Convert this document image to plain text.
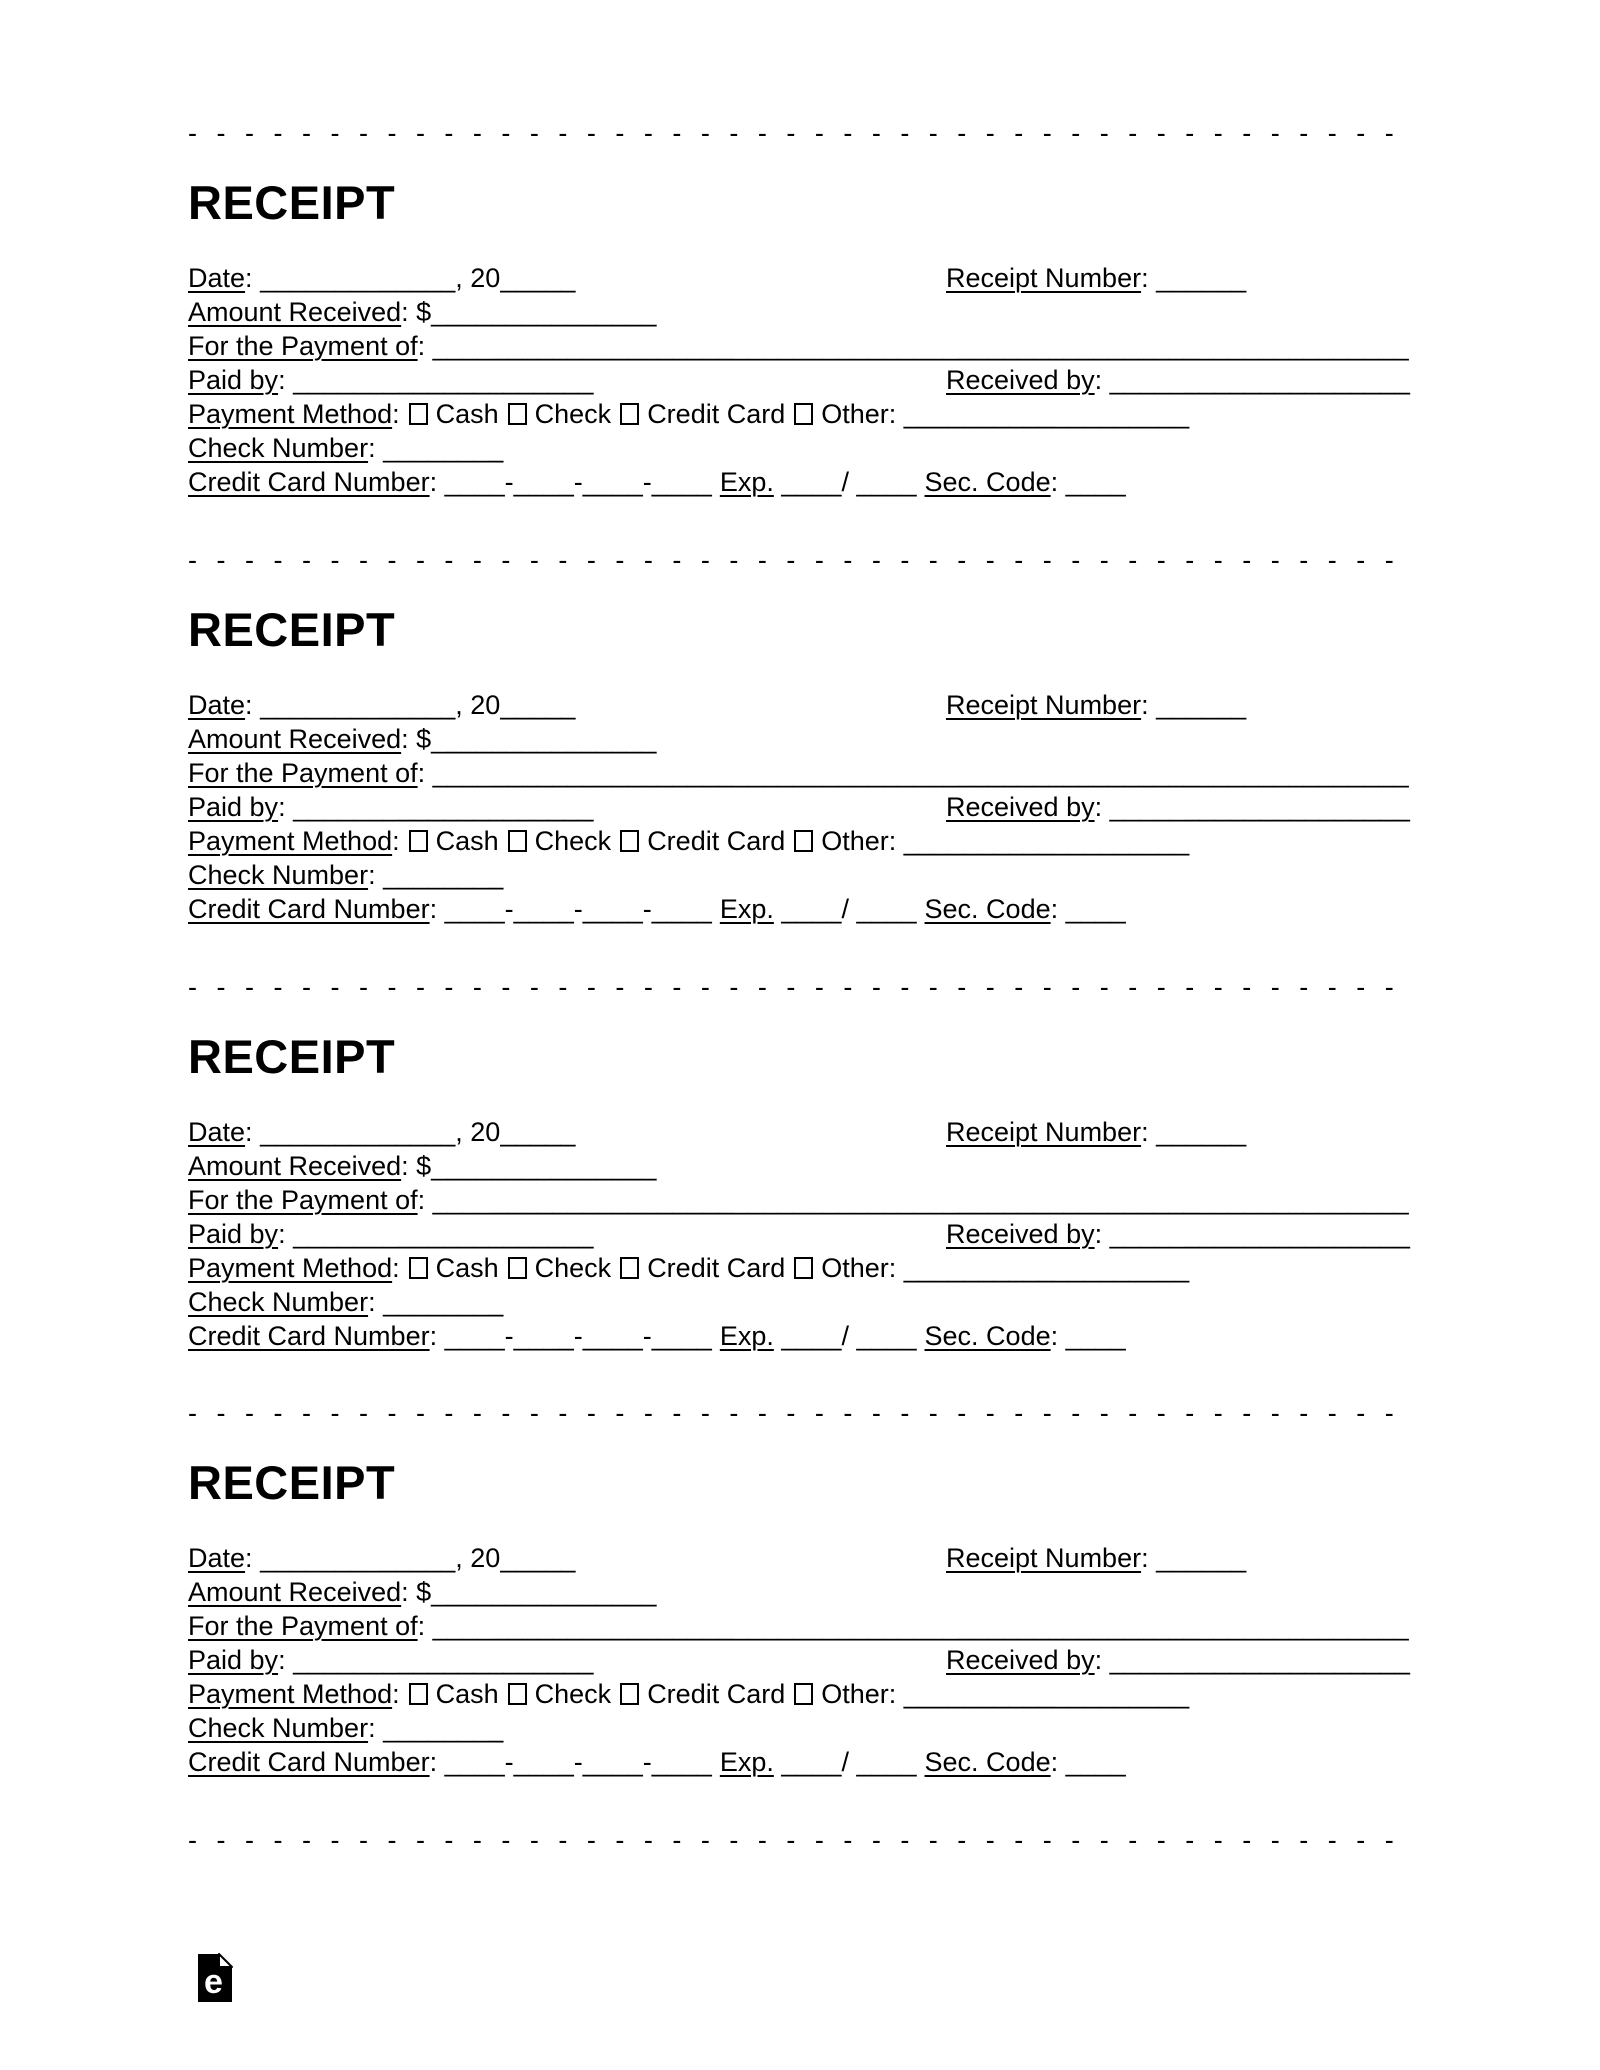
- - - - - - - - - - - - - - - - - - - - - - - - - - - - - - - - - - - - - - - - - - -
RECEIPT
Date: _____________, 20_____	Receipt Number: ______
Amount Received: $_______________
For the Payment of: _________________________________________________________________
Paid by: ____________________	Received by: ____________________
Payment Method: Cash Check Credit Card Other: ___________________
Check Number: ________
Credit Card Number: ____-____-____-____ Exp. ____/ ____ Sec. Code: ____
- - - - - - - - - - - - - - - - - - - - - - - - - - - - - - - - - - - - - - - - - - -
RECEIPT
Date: _____________, 20_____	Receipt Number: ______
Amount Received: $_______________
For the Payment of: _________________________________________________________________
Paid by: ____________________	Received by: ____________________
Payment Method: Cash Check Credit Card Other: ___________________
Check Number: ________
Credit Card Number: ____-____-____-____ Exp. ____/ ____ Sec. Code: ____
- - - - - - - - - - - - - - - - - - - - - - - - - - - - - - - - - - - - - - - - - - -
RECEIPT
Date: _____________, 20_____	Receipt Number: ______
Amount Received: $_______________
For the Payment of: _________________________________________________________________
Paid by: ____________________	Received by: ____________________
Payment Method: Cash Check Credit Card Other: ___________________
Check Number: ________
Credit Card Number: ____-____-____-____ Exp. ____/ ____ Sec. Code: ____
- - - - - - - - - - - - - - - - - - - - - - - - - - - - - - - - - - - - - - - - - - -
RECEIPT
Date: _____________, 20_____	Receipt Number: ______
Amount Received: $_______________
For the Payment of: _________________________________________________________________
Paid by: ____________________	Received by: ____________________
Payment Method: Cash Check Credit Card Other: ___________________
Check Number: ________
Credit Card Number: ____-____-____-____ Exp. ____/ ____ Sec. Code: ____
- - - - - - - - - - - - - - - - - - - - - - - - - - - - - - - - - - - - - - - - - - -
e
